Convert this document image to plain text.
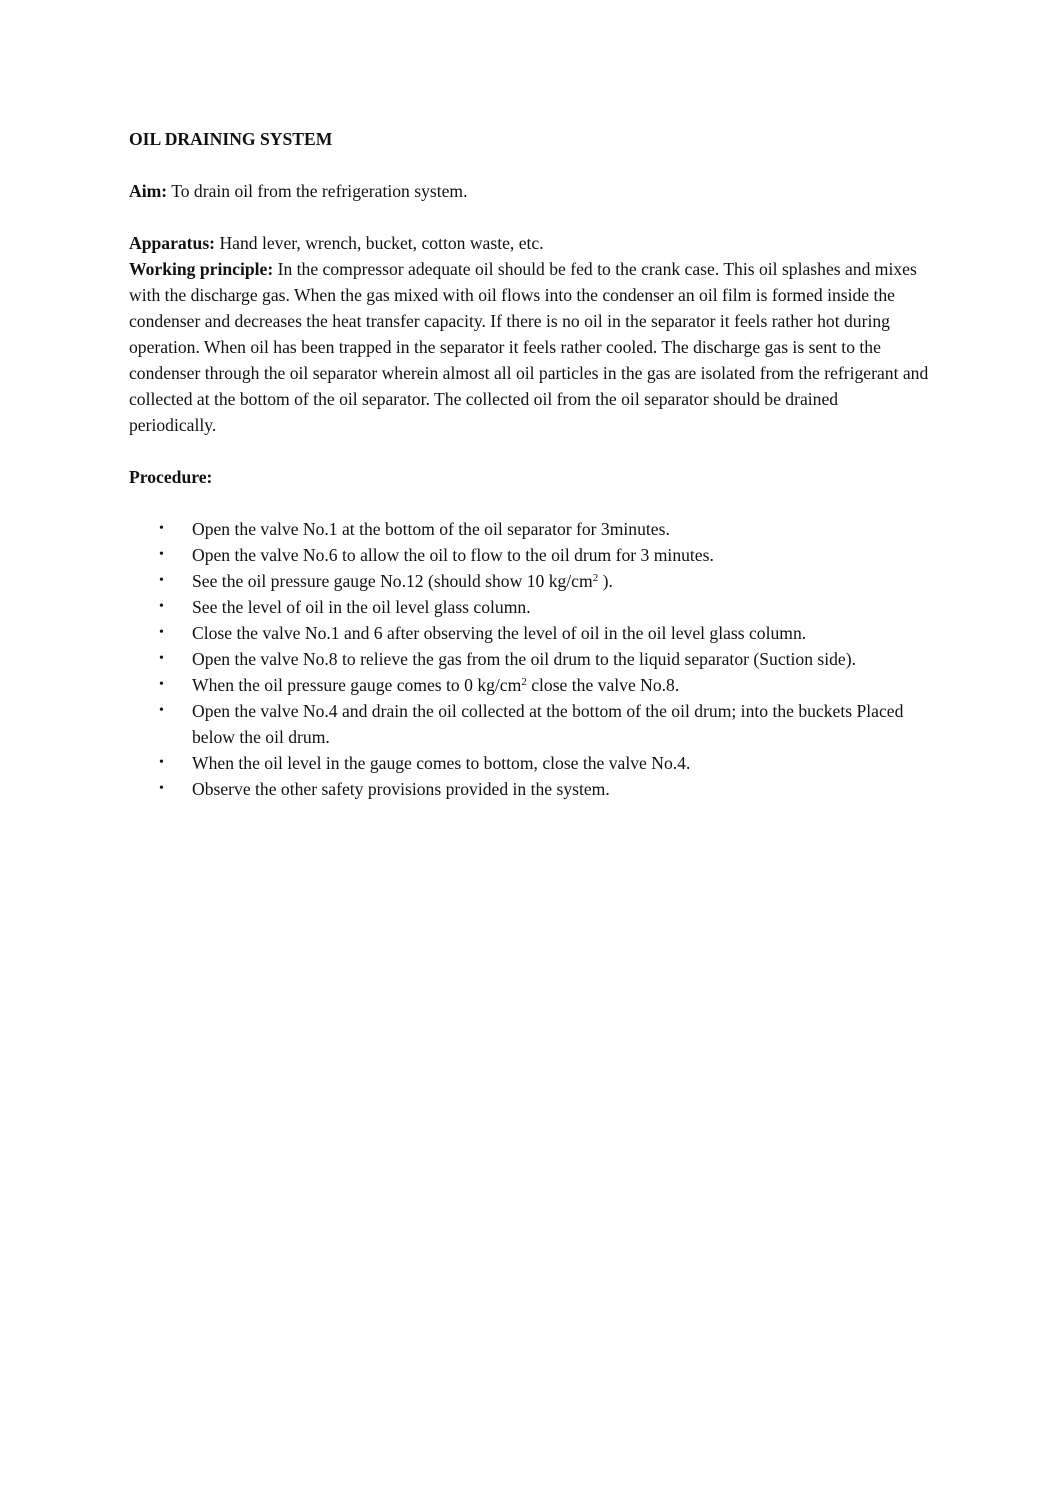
OIL DRAINING SYSTEM

Aim: To drain oil from the refrigeration system.

Apparatus: Hand lever, wrench, bucket, cotton waste, etc.

Working principle: In the compressor adequate oil should be fed to the crank case. This oil splashes and mixes with the discharge gas. When the gas mixed with oil flows into the condenser an oil film is formed inside the condenser and decreases the heat transfer capacity. If there is no oil in the separator it feels rather hot during operation. When oil has been trapped in the separator it feels rather cooled. The discharge gas is sent to the condenser through the oil separator wherein almost all oil particles in the gas are isolated from the refrigerant and collected at the bottom of the oil separator. The collected oil from the oil separator should be drained periodically.

Procedure:

• Open the valve No.1 at the bottom of the oil separator for 3minutes.
• Open the valve No.6 to allow the oil to flow to the oil drum for 3 minutes.
• See the oil pressure gauge No.12 (should show 10 $kg/cm^2$ ).
• See the level of oil in the oil level glass column.
• Close the valve No.1 and 6 after observing the level of oil in the oil level glass column.
• Open the valve No.8 to relieve the gas from the oil drum to the liquid separator (Suction side).
• When the oil pressure gauge comes to 0 $kg/cm^2$ close the valve No.8.
• Open the valve No.4 and drain the oil collected at the bottom of the oil drum; into the buckets Placed below the oil drum.
• When the oil level in the gauge comes to bottom, close the valve No.4.
• Observe the other safety provisions provided in the system.
